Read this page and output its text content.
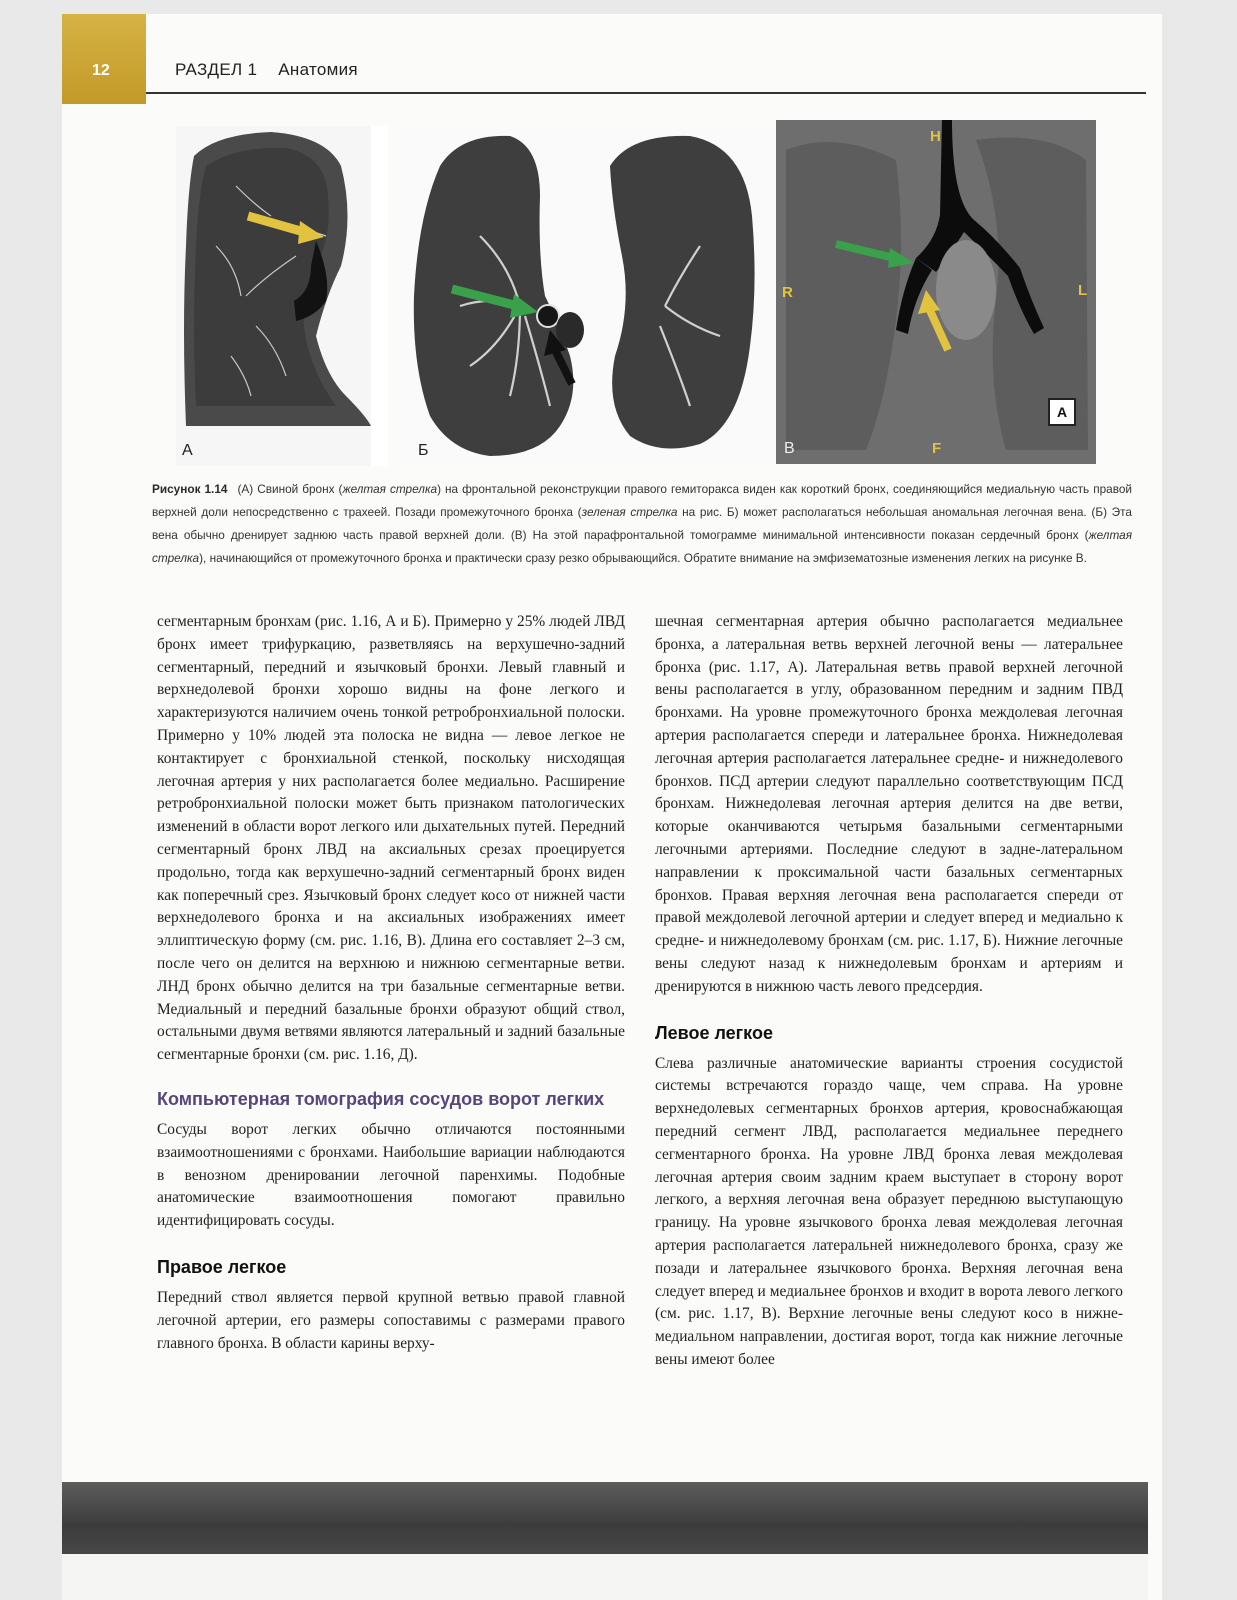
12	РАЗДЕЛ 1 Анатомия
А	Б
H
R	L
F
A
В
Рисунок 1.14 (А) Свиной бронх (желтая стрелка) на фронтальной реконструкции правого гемиторакса виден как короткий бронх, соединяющийся медиальную часть правой верхней доли непосредственно с трахеей. Позади промежуточного бронха (зеленая стрелка на рис. Б) может располагаться небольшая аномальная легочная вена. (Б) Эта вена обычно дренирует заднюю часть правой верхней доли. (В) На этой парафронтальной томограмме минимальной интенсивности показан сердечный бронх (желтая стрелка), начинающийся от промежуточного бронха и практически сразу резко обрывающийся. Обратите внимание на эмфизематозные изменения легких на рисунке В.

сегментарным бронхам (рис. 1.16, А и Б). Примерно у 25% людей ЛВД бронх имеет трифуркацию, разветвляясь на верхушечно-задний сегментарный, передний и язычковый бронхи. Левый главный и верхнедолевой бронхи хорошо видны на фоне легкого и характеризуются наличием очень тонкой ретробронхиальной полоски. Примерно у 10% людей эта полоска не видна — левое легкое не контактирует с бронхиальной стенкой, поскольку нисходящая легочная артерия у них располагается более медиально. Расширение ретробронхиальной полоски может быть признаком патологических изменений в области ворот легкого или дыхательных путей. Передний сегментарный бронх ЛВД на аксиальных срезах проецируется продольно, тогда как верхушечно-задний сегментарный бронх виден как поперечный срез. Язычковый бронх следует косо от нижней части верхнедолевого бронха и на аксиальных изображениях имеет эллиптическую форму (см. рис. 1.16, В). Длина его составляет 2–3 см, после чего он делится на верхнюю и нижнюю сегментарные ветви. ЛНД бронх обычно делится на три базальные сегментарные ветви. Медиальный и передний базальные бронхи образуют общий ствол, остальными двумя ветвями являются латеральный и задний базальные сегментарные бронхи (см. рис. 1.16, Д).

Компьютерная томография сосудов ворот легких

Сосуды ворот легких обычно отличаются постоянными взаимоотношениями с бронхами. Наибольшие вариации наблюдаются в венозном дренировании легочной паренхимы. Подобные анатомические взаимоотношения помогают правильно идентифицировать сосуды.

Правое легкое

Передний ствол является первой крупной ветвью правой главной легочной артерии, его размеры сопоставимы с размерами правого главного бронха. В области карины верху-

шечная сегментарная артерия обычно располагается медиальнее бронха, а латеральная ветвь верхней легочной вены — латеральнее бронха (рис. 1.17, А). Латеральная ветвь правой верхней легочной вены располагается в углу, образованном передним и задним ПВД бронхами. На уровне промежуточного бронха междолевая легочная артерия располагается спереди и латеральнее бронха. Нижнедолевая легочная артерия располагается латеральнее средне- и нижнедолевого бронхов. ПСД артерии следуют параллельно соответствующим ПСД бронхам. Нижнедолевая легочная артерия делится на две ветви, которые оканчиваются четырьмя базальными сегментарными легочными артериями. Последние следуют в заднe-латеральном направлении к проксимальной части базальных сегментарных бронхов. Правая верхняя легочная вена располагается спереди от правой междолевой легочной артерии и следует вперед и медиально к средне- и нижнедолевому бронхам (см. рис. 1.17, Б). Нижние легочные вены следуют назад к нижнедолевым бронхам и артериям и дренируются в нижнюю часть левого предсердия.

Левое легкое

Слева различные анатомические варианты строения сосудистой системы встречаются гораздо чаще, чем справа. На уровне верхнедолевых сегментарных бронхов артерия, кровоснабжающая передний сегмент ЛВД, располагается медиальнее переднего сегментарного бронха. На уровне ЛВД бронха левая междолевая легочная артерия своим задним краем выступает в сторону ворот легкого, а верхняя легочная вена образует переднюю выступающую границу. На уровне язычкового бронха левая междолевая легочная артерия располагается латеральней нижнедолевого бронха, сразу же позади и латеральнее язычкового бронха. Верхняя легочная вена следует вперед и медиальнее бронхов и входит в ворота левого легкого (см. рис. 1.17, В). Верхние легочные вены следуют косо в нижне-медиальном направлении, достигая ворот, тогда как нижние легочные вены имеют более
